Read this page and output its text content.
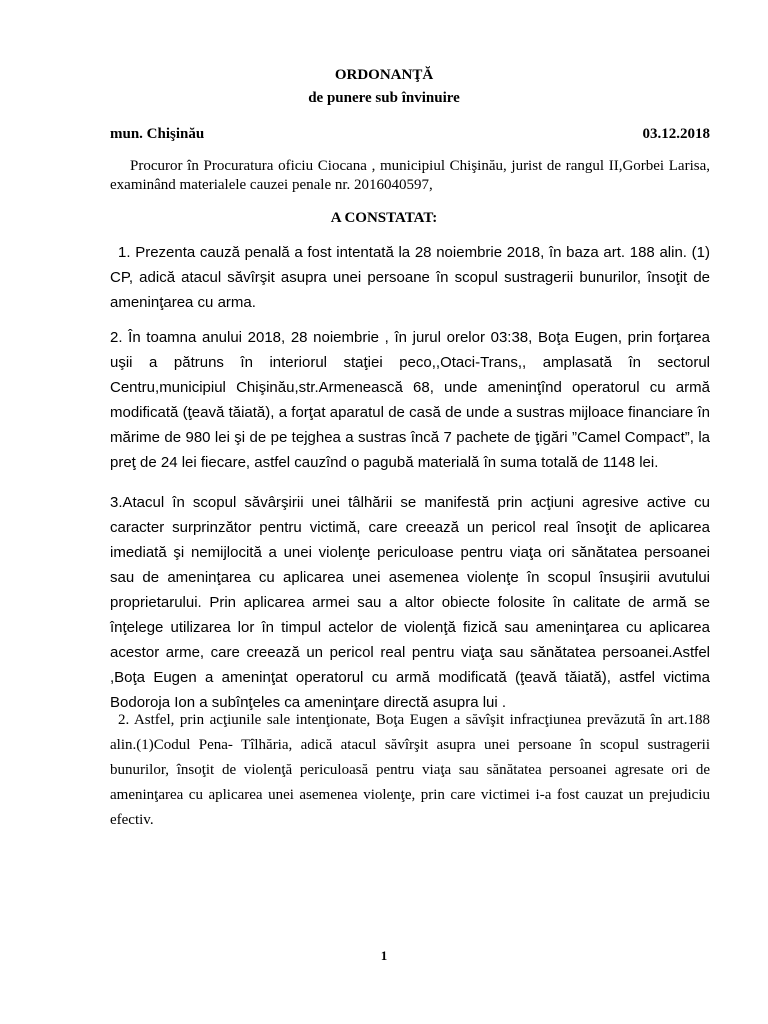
ORDONANŢĂ
de punere sub învinuire
mun. Chişinău	03.12.2018
Procuror în Procuratura oficiu Ciocana , municipiul Chişinău, jurist de rangul II,Gorbei Larisa, examinând materialele cauzei penale nr. 2016040597,
A CONSTATAT:
1. Prezenta cauză penală a fost intentată la 28 noiembrie 2018, în baza art. 188 alin. (1) CP, adică atacul săvîrşit asupra unei persoane în scopul sustragerii bunurilor, însoţit de ameninţarea cu arma.
2. În toamna anului 2018, 28 noiembrie , în jurul orelor 03:38, Boţa Eugen, prin forţarea uşii a pătruns în interiorul staţiei peco,,Otaci-Trans,, amplasată în sectorul Centru,municipiul Chişinău,str.Armenească 68, unde ameninţînd operatorul cu armă modificată (ţeavă tăiată), a forţat aparatul de casă de unde a sustras mijloace financiare în mărime de 980 lei şi de pe tejghea a sustras încă 7 pachete de ţigări ”Camel Compact”, la preţ de 24 lei fiecare, astfel cauzînd o pagubă materială în suma totală de 1148 lei.
3.Atacul în scopul săvârşirii unei tâlhării se manifestă prin acţiuni agresive active cu caracter surprinzător pentru victimă, care creează un pericol real însoţit de aplicarea imediată şi nemijlocită a unei violenţe periculoase pentru viaţa ori sănătatea persoanei sau de ameninţarea cu aplicarea unei asemenea violenţe în scopul însuşirii avutului proprietarului. Prin aplicarea armei sau a altor obiecte folosite în calitate de armă se înţelege utilizarea lor în timpul actelor de violenţă fizică sau ameninţarea cu aplicarea acestor arme, care creează un pericol real pentru viaţa sau sănătatea persoanei.Astfel ,Boţa Eugen a ameninţat operatorul cu armă modificată (ţeavă tăiată), astfel victima Bodoroja Ion a subînţeles ca ameninţare directă asupra lui .
2. Astfel, prin acţiunile sale intenţionate, Boţa Eugen a săvîşit infracţiunea prevăzută în art.188 alin.(1)Codul Pena- Tîlhăria, adică atacul săvîrşit asupra unei persoane în scopul sustragerii bunurilor, însoţit de violenţă periculoasă pentru viaţa sau sănătatea persoanei agresate ori de ameninţarea cu aplicarea unei asemenea violenţe, prin care victimei i-a fost cauzat un prejudiciu efectiv.
1
